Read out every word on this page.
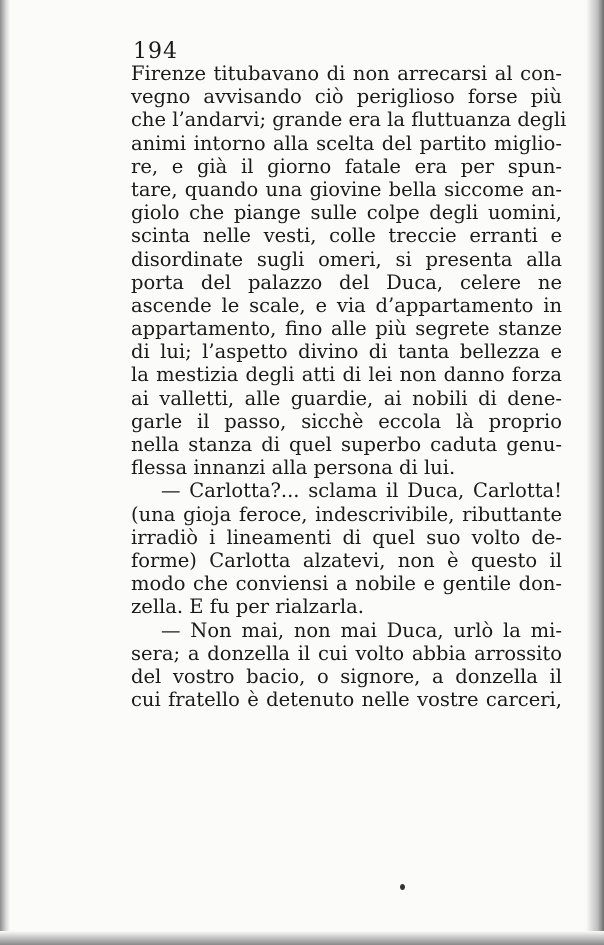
194
Firenze titubavano di non arrecarsi al con-
vegno avvisando ciò periglioso forse più
che l’andarvi; grande era la fluttuanza degli
animi intorno alla scelta del partito miglio-
re, e già il giorno fatale era per spun-
tare, quando una giovine bella siccome an-
giolo che piange sulle colpe degli uomini,
scinta nelle vesti, colle treccie erranti e
disordinate sugli omeri, si presenta alla
porta del palazzo del Duca, celere ne
ascende le scale, e via d’appartamento in
appartamento, fino alle più segrete stanze
di lui; l’aspetto divino di tanta bellezza e
la mestizia degli atti di lei non danno forza
ai valletti, alle guardie, ai nobili di dene-
garle il passo, sicchè eccola là proprio
nella stanza di quel superbo caduta genu-
flessa innanzi alla persona di lui.
— Carlotta?... sclama il Duca, Carlotta!
(una gioja feroce, indescrivibile, ributtante
irradiò i lineamenti di quel suo volto de-
forme) Carlotta alzatevi, non è questo il
modo che conviensi a nobile e gentile don-
zella. E fu per rialzarla.
— Non mai, non mai Duca, urlò la mi-
sera; a donzella il cui volto abbia arrossito
del vostro bacio, o signore, a donzella il
cui fratello è detenuto nelle vostre carceri,
